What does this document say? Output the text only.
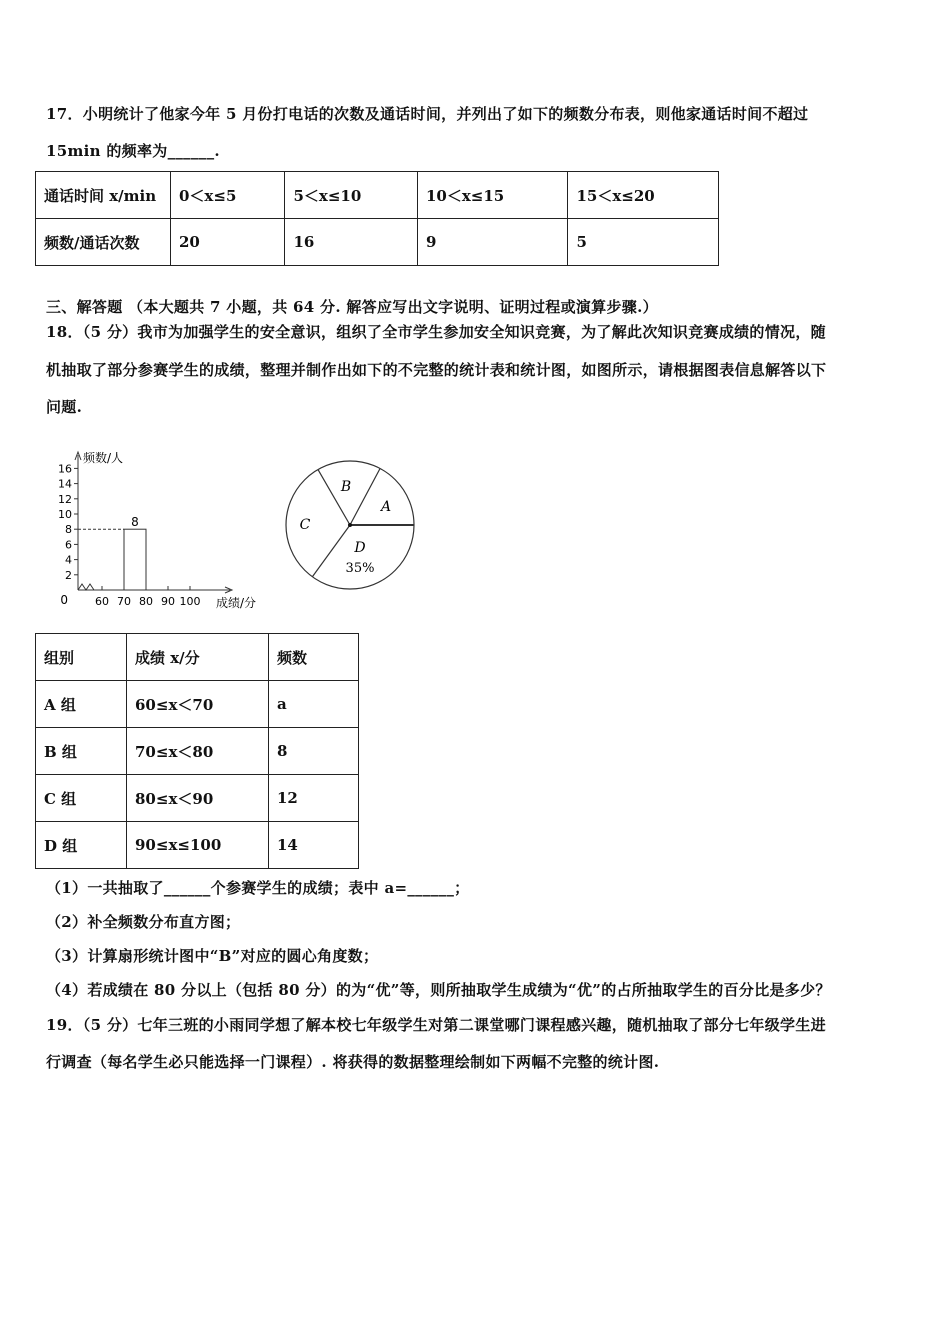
17．小明统计了他家今年 5 月份打电话的次数及通话时间，并列出了如下的频数分布表，则他家通话时间不超过
15min 的频率为______.
通话时间 x/min	0＜x≤5	5＜x≤10	10＜x≤15	15＜x≤20
频数/通话次数	20	16	9	5
三、解答题 （本大题共 7 小题，共 64 分. 解答应写出文字说明、证明过程或演算步骤.）
18．（5 分）我市为加强学生的安全意识，组织了全市学生参加安全知识竞赛，为了解此次知识竞赛成绩的情况，随
机抽取了部分参赛学生的成绩，整理并制作出如下的不完整的统计表和统计图，如图所示，请根据图表信息解答以下
问题.
频数/人
成绩/分
0
2
4
6
8
10
12
14
16
60 70 80 90 100
8
A
B
C
D
35%
组别	成绩 x/分	频数
A 组	60≤x＜70	a
B 组	70≤x＜80	8
C 组	80≤x＜90	12
D 组	90≤x≤100	14
（1）一共抽取了______个参赛学生的成绩；表中 a=______；
（2）补全频数分布直方图；
（3）计算扇形统计图中“B”对应的圆心角度数；
（4）若成绩在 80 分以上（包括 80 分）的为“优”等，则所抽取学生成绩为“优”的占所抽取学生的百分比是多少？
19．（5 分）七年三班的小雨同学想了解本校七年级学生对第二课堂哪门课程感兴趣，随机抽取了部分七年级学生进
行调查（每名学生必只能选择一门课程）. 将获得的数据整理绘制如下两幅不完整的统计图.
